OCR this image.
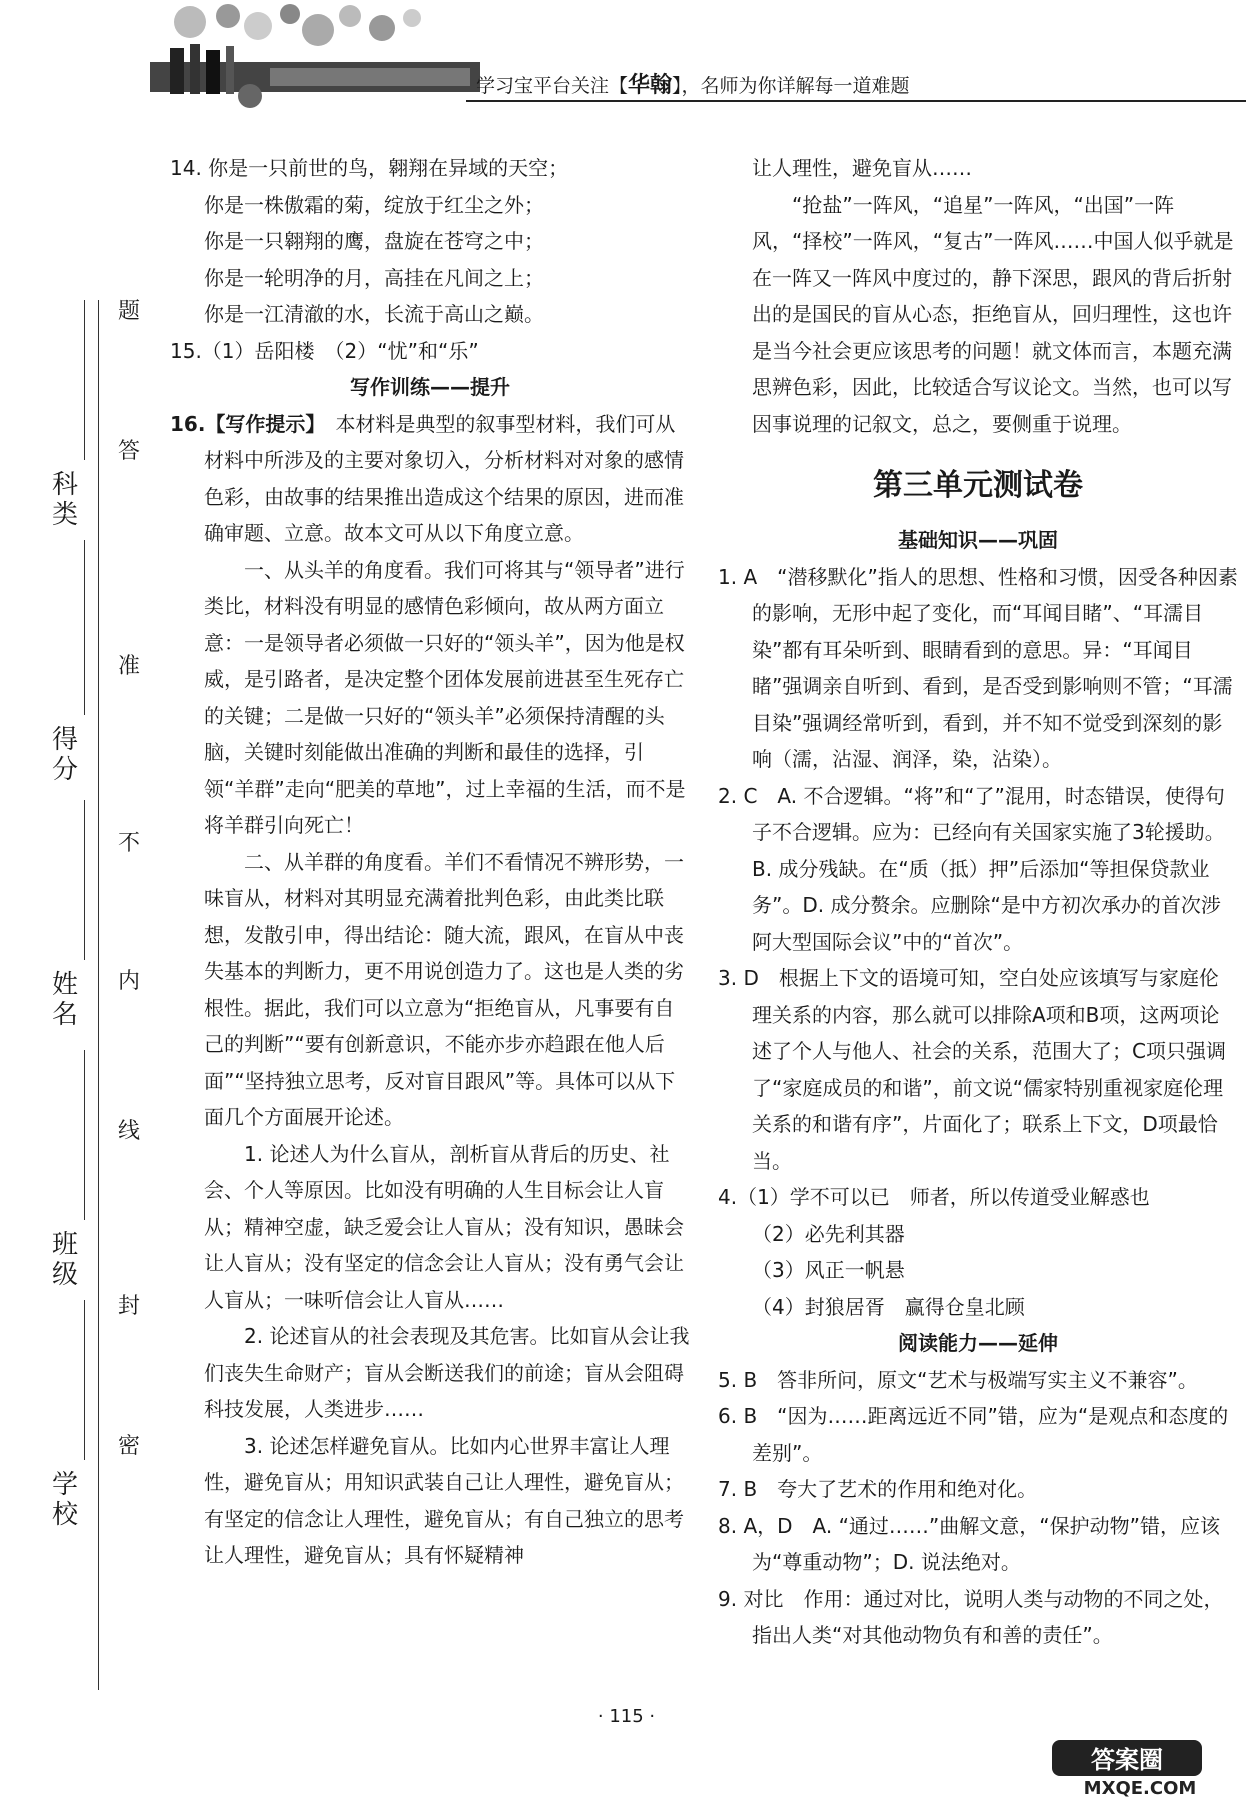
学习宝平台关注【华翰】，名师为你详解每一道难题
题
答
准
不
内
线
封
密
科类
得分
姓名
班级
学校

14. 你是一只前世的鸟，翱翔在异域的天空；

你是一株傲霜的菊，绽放于红尘之外；

你是一只翱翔的鹰，盘旋在苍穹之中；

你是一轮明净的月，高挂在凡间之上；

你是一江清澈的水，长流于高山之巅。

15.（1）岳阳楼　（2）“忧”和“乐”

写作训练——提升

16.【写作提示】　 本材料是典型的叙事型材料，我们可从材料中所涉及的主要对象切入，分析材料对对象的感情色彩，由故事的结果推出造成这个结果的原因，进而准确审题、立意。故本文可从以下角度立意。

一、从头羊的角度看。我们可将其与“领导者”进行类比，材料没有明显的感情色彩倾向，故从两方面立意：一是领导者必须做一只好的“领头羊”，因为他是权威，是引路者，是决定整个团体发展前进甚至生死存亡的关键；二是做一只好的“领头羊”必须保持清醒的头脑，关键时刻能做出准确的判断和最佳的选择，引领“羊群”走向“肥美的草地”，过上幸福的生活，而不是将羊群引向死亡！

二、从羊群的角度看。羊们不看情况不辨形势，一味盲从，材料对其明显充满着批判色彩，由此类比联想，发散引申，得出结论：随大流，跟风，在盲从中丧失基本的判断力，更不用说创造力了。这也是人类的劣根性。据此，我们可以立意为“拒绝盲从，凡事要有自己的判断”“要有创新意识，不能亦步亦趋跟在他人后面”“坚持独立思考，反对盲目跟风”等。具体可以从下面几个方面展开论述。

1. 论述人为什么盲从，剖析盲从背后的历史、社会、个人等原因。比如没有明确的人生目标会让人盲从；精神空虚，缺乏爱会让人盲从；没有知识，愚昧会让人盲从；没有坚定的信念会让人盲从；没有勇气会让人盲从；一味听信会让人盲从……

2. 论述盲从的社会表现及其危害。比如盲从会让我们丧失生命财产；盲从会断送我们的前途；盲从会阻碍科技发展，人类进步……

3. 论述怎样避免盲从。比如内心世界丰富让人理性，避免盲从；用知识武装自己让人理性，避免盲从；有坚定的信念让人理性，避免盲从；有自己独立的思考让人理性，避免盲从；具有怀疑精神

让人理性，避免盲从……

“抢盐”一阵风，“追星”一阵风，“出国”一阵风，“择校”一阵风，“复古”一阵风……中国人似乎就是在一阵又一阵风中度过的，静下深思，跟风的背后折射出的是国民的盲从心态，拒绝盲从，回归理性，这也许是当今社会更应该思考的问题！就文体而言，本题充满思辨色彩，因此，比较适合写议论文。当然，也可以写因事说理的记叙文，总之，要侧重于说理。

第三单元测试卷

基础知识——巩固

1. A　“潜移默化”指人的思想、性格和习惯，因受各种因素的影响，无形中起了变化，而“耳闻目睹”、“耳濡目染”都有耳朵听到、眼睛看到的意思。异：“耳闻目睹”强调亲自听到、看到，是否受到影响则不管；“耳濡目染”强调经常听到，看到，并不知不觉受到深刻的影响（濡，沾湿、润泽，染，沾染）。

2. C　A. 不合逻辑。“将”和“了”混用，时态错误，使得句子不合逻辑。应为：已经向有关国家实施了3轮援助。B. 成分残缺。在“质（抵）押”后添加“等担保贷款业务”。D. 成分赘余。应删除“是中方初次承办的首次涉阿大型国际会议”中的“首次”。

3. D　根据上下文的语境可知，空白处应该填写与家庭伦理关系的内容，那么就可以排除A项和B项，这两项论述了个人与他人、社会的关系，范围大了；C项只强调了“家庭成员的和谐”，前文说“儒家特别重视家庭伦理关系的和谐有序”，片面化了；联系上下文，D项最恰当。

4.（1）学不可以已　师者，所以传道受业解惑也

（2）必先利其器

（3）风正一帆悬

（4）封狼居胥　赢得仓皇北顾

阅读能力——延伸

5. B　答非所问，原文“艺术与极端写实主义不兼容”。

6. B　“因为……距离远近不同”错，应为“是观点和态度的差别”。

7. B　夸大了艺术的作用和绝对化。

8. A，D　A. “通过……”曲解文意，“保护动物”错，应该为“尊重动物”；D. 说法绝对。

9. 对比　作用：通过对比，说明人类与动物的不同之处，指出人类“对其他动物负有和善的责任”。

· 115 ·
答案圈
MXQE.COM
